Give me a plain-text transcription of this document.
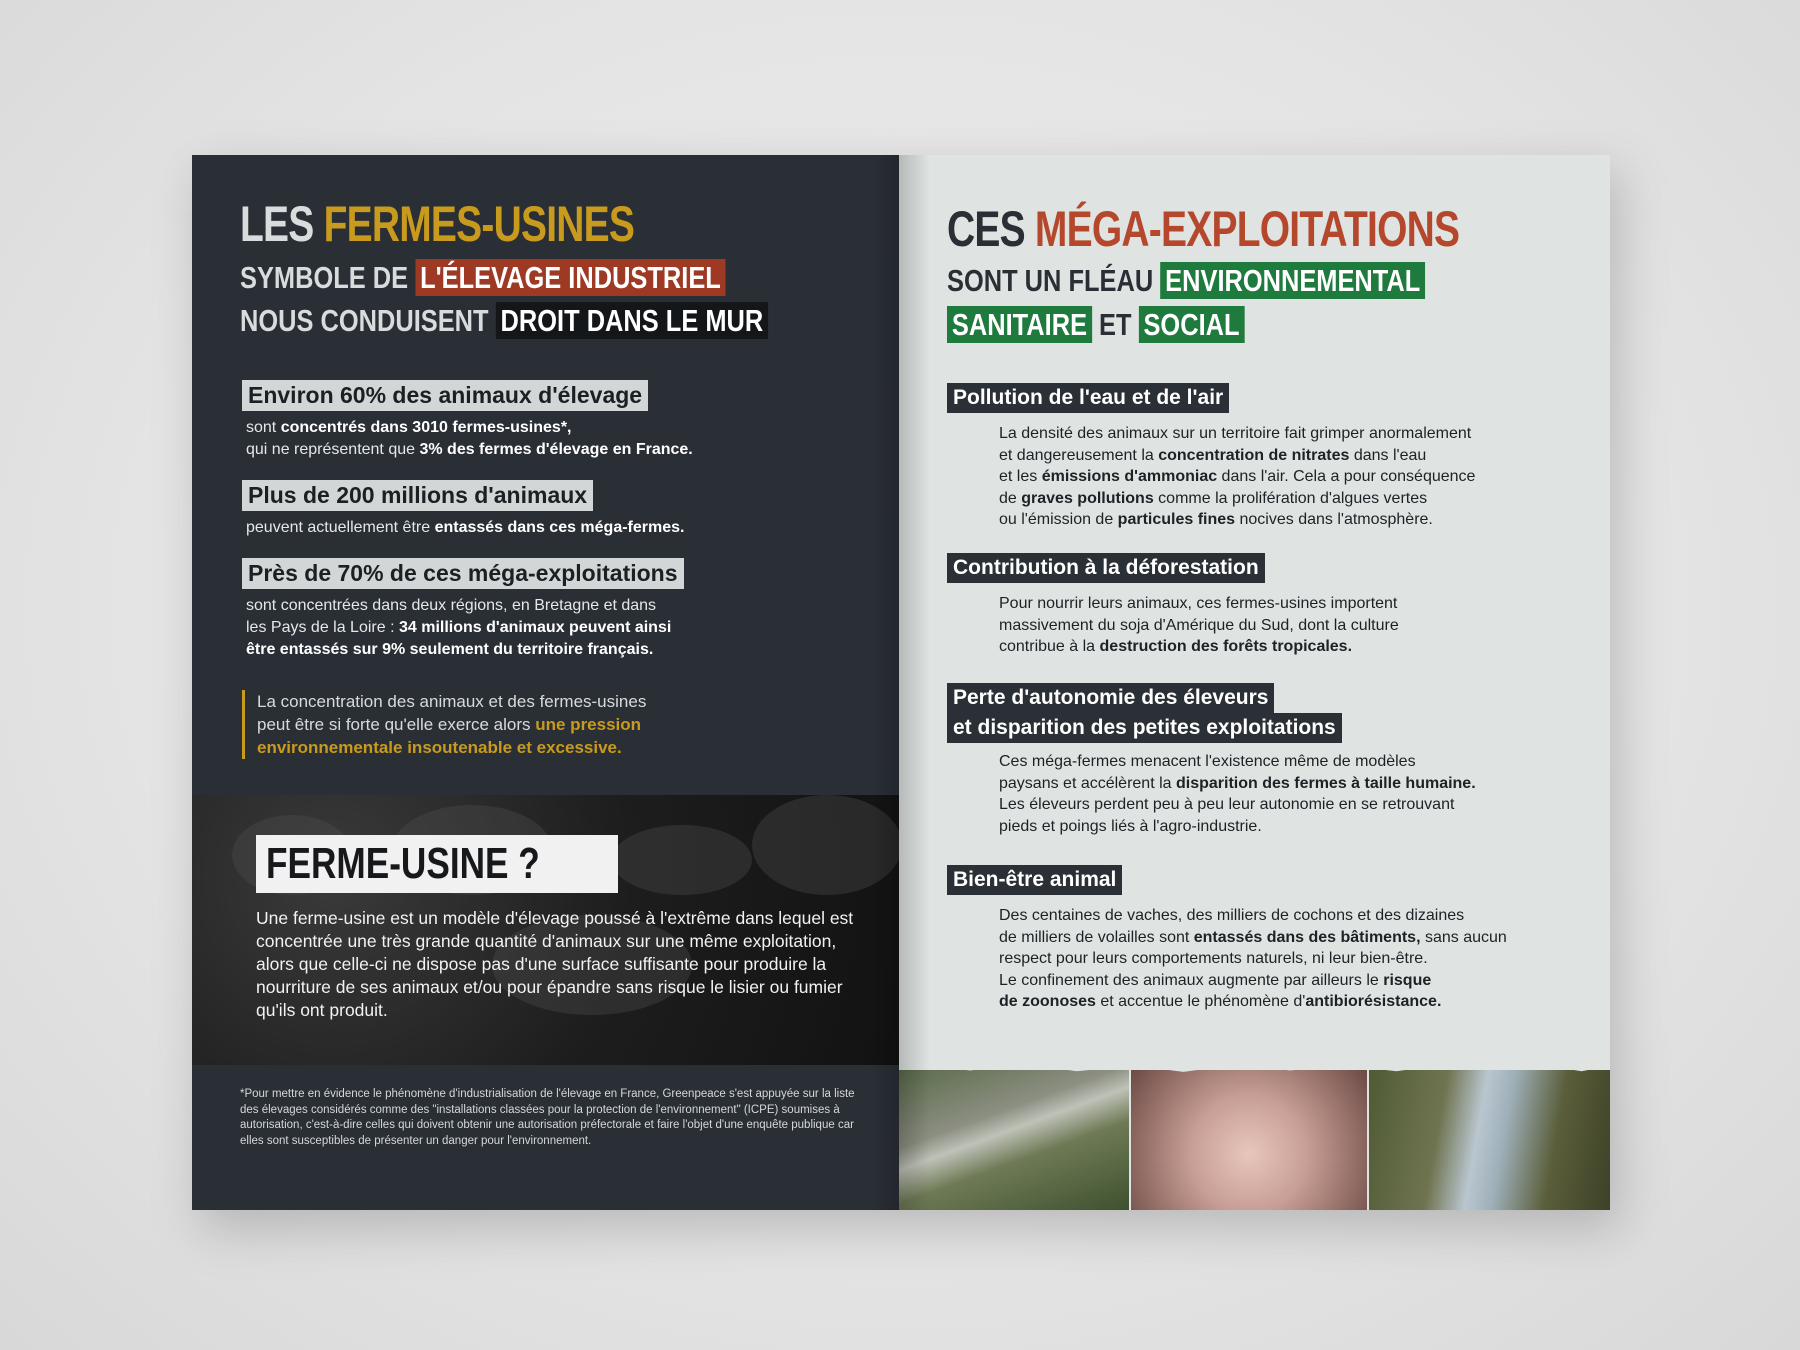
LES FERMES-USINES
SYMBOLE DE L'ÉLEVAGE INDUSTRIEL
NOUS CONDUISENT DROIT DANS LE MUR
Environ 60% des animaux d'élevage
sont concentrés dans 3010 fermes-usines*,
qui ne représentent que 3% des fermes d'élevage en France.
Plus de 200 millions d'animaux
peuvent actuellement être entassés dans ces méga-fermes.
Près de 70% de ces méga-exploitations
sont concentrées dans deux régions, en Bretagne et dans
les Pays de la Loire : 34 millions d'animaux peuvent ainsi
être entassés sur 9% seulement du territoire français.
La concentration des animaux et des fermes-usines
peut être si forte qu'elle exerce alors une pression
environnementale insoutenable et excessive.
FERME-USINE ?
Une ferme-usine est un modèle d'élevage poussé à l'extrême dans lequel est concentrée une très grande quantité d'animaux sur une même exploitation, alors que celle-ci ne dispose pas d'une surface suffisante pour produire la nourriture de ses animaux et/ou pour épandre sans risque le lisier ou fumier qu'ils ont produit.
*Pour mettre en évidence le phénomène d'industrialisation de l'élevage en France, Greenpeace s'est appuyée sur la liste des élevages considérés comme des "installations classées pour la protection de l'environnement" (ICPE) soumises à autorisation, c'est-à-dire celles qui doivent obtenir une autorisation préfectorale et faire l'objet d'une enquête publique car elles sont susceptibles de présenter un danger pour l'environnement.
CES MÉGA-EXPLOITATIONS
SONT UN FLÉAU ENVIRONNEMENTAL
SANITAIRE ET SOCIAL
Pollution de l'eau et de l'air
La densité des animaux sur un territoire fait grimper anormalement
et dangereusement la concentration de nitrates dans l'eau
et les émissions d'ammoniac dans l'air. Cela a pour conséquence
de graves pollutions comme la prolifération d'algues vertes
ou l'émission de particules fines nocives dans l'atmosphère.
Contribution à la déforestation
Pour nourrir leurs animaux, ces fermes-usines importent
massivement du soja d'Amérique du Sud, dont la culture
contribue à la destruction des forêts tropicales.
Perte d'autonomie des éleveurs
et disparition des petites exploitations
Ces méga-fermes menacent l'existence même de modèles
paysans et accélèrent la disparition des fermes à taille humaine.
Les éleveurs perdent peu à peu leur autonomie en se retrouvant
pieds et poings liés à l'agro-industrie.
Bien-être animal
Des centaines de vaches, des milliers de cochons et des dizaines
de milliers de volailles sont entassés dans des bâtiments, sans aucun
respect pour leurs comportements naturels, ni leur bien-être.
Le confinement des animaux augmente par ailleurs le risque
de zoonoses et accentue le phénomène d'antibiorésistance.
